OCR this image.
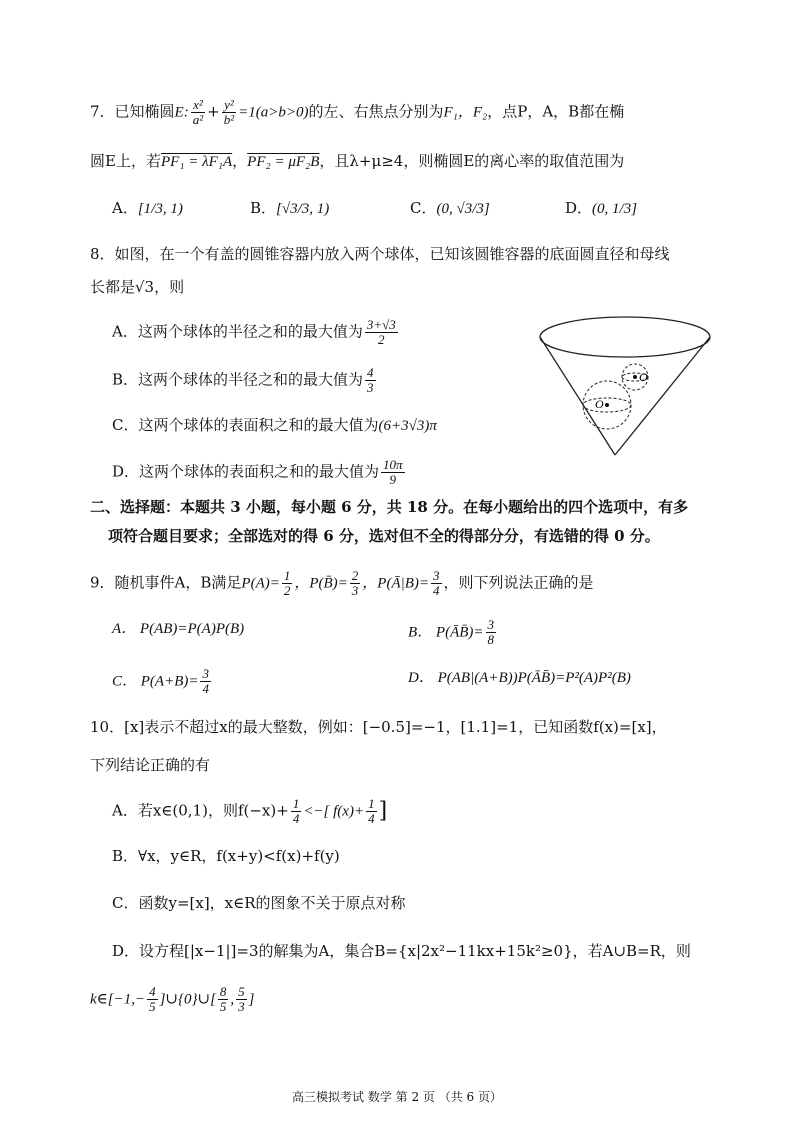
7．已知椭圆E: $\frac{\text{x²}}{\text{a²}} + \frac{\text{y²}}{\text{b²}} =1(a>b>0)$的左、右焦点分别为F₁，F₂，点P，A，B都在椭
圆E上，若PF₁ = λF₁A，PF₂ = μF₂B，且λ+μ≥4，则椭圆E的离心率的取值范围为
A．[1/3, 1)	B．[√3/3, 1)	C．(0, √3/3]	D．(0, 1/3]
8．如图，在一个有盖的圆锥容器内放入两个球体，已知该圆锥容器的底面圆直径和母线
长都是√3，则
A．这两个球体的半径之和的最大值为 $\frac{3+√3}{2}$
B．这两个球体的半径之和的最大值为 $\frac{4}{3}$
C．这两个球体的表面积之和的最大值为(6+3√3)π
D．这两个球体的表面积之和的最大值为 $\frac{10\pi}{9}$
O
O
二、选择题：本题共 3 小题，每小题 6 分，共 18 分。在每小题给出的四个选项中，有多
项符合题目要求；全部选对的得 6 分，选对但不全的得部分分，有选错的得 0 分。
9．随机事件A，B满足$P(A)= \frac{1}{2}$ ，P(B̄)= $\frac{2}{3}$ ，P(Ā|B)= $\frac{3}{4}$ ，则下列说法正确的是
A． P(AB)=P(A)P(B)	B． P(ĀB̄)= $\frac{3}{8}$
C． $P(A+B)= \frac{3}{4}$	D． P(AB|(A+B))P(ĀB̄)=P²(A)P²(B)
10．[x]表示不超过x的最大整数，例如：[−0.5]=−1，[1.1]=1，已知函数f(x)=[x]，
下列结论正确的有
A．若x∈(0,1)，则$f(-x)+ \frac{1}{4}$ <−[ $f(x)+ \frac{1}{4}$ ]
B．∀x，y∈R，f(x+y)<f(x)+f(y)
C．函数y=[x]，x∈R的图象不关于原点对称
D．设方程[|x−1|]=3的解集为A，集合B={x|2x²−11kx+15k²≥0}，若A∪B=R，则
k∈[−1,− $\frac{4}{5}$ ]∪{0}∪[ $\frac{8}{5}$ , $\frac{5}{3}$ ]
高三模拟考试 数学 第 2 页 （共 6 页）
